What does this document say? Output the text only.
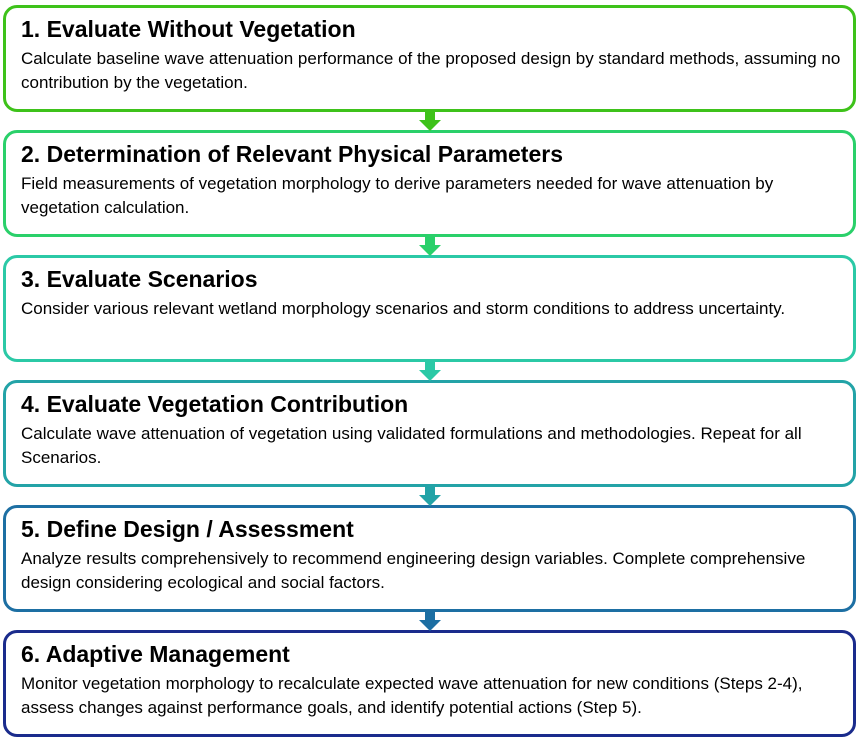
1. Evaluate Without Vegetation

Calculate baseline wave attenuation performance of the proposed design by standard methods, assuming no contribution by the vegetation.

2. Determination of Relevant Physical Parameters

Field measurements of vegetation morphology to derive parameters needed for wave attenuation by vegetation calculation.

3. Evaluate Scenarios

Consider various relevant wetland morphology scenarios and storm conditions to address uncertainty.

4. Evaluate Vegetation Contribution

Calculate wave attenuation of vegetation using validated formulations and methodologies. Repeat for all Scenarios.

5. Define Design / Assessment

Analyze results comprehensively to recommend engineering design variables. Complete comprehensive design considering ecological and social factors.

6. Adaptive Management

Monitor vegetation morphology to recalculate expected wave attenuation for new conditions (Steps 2-4), assess changes against performance goals, and identify potential actions (Step 5).
